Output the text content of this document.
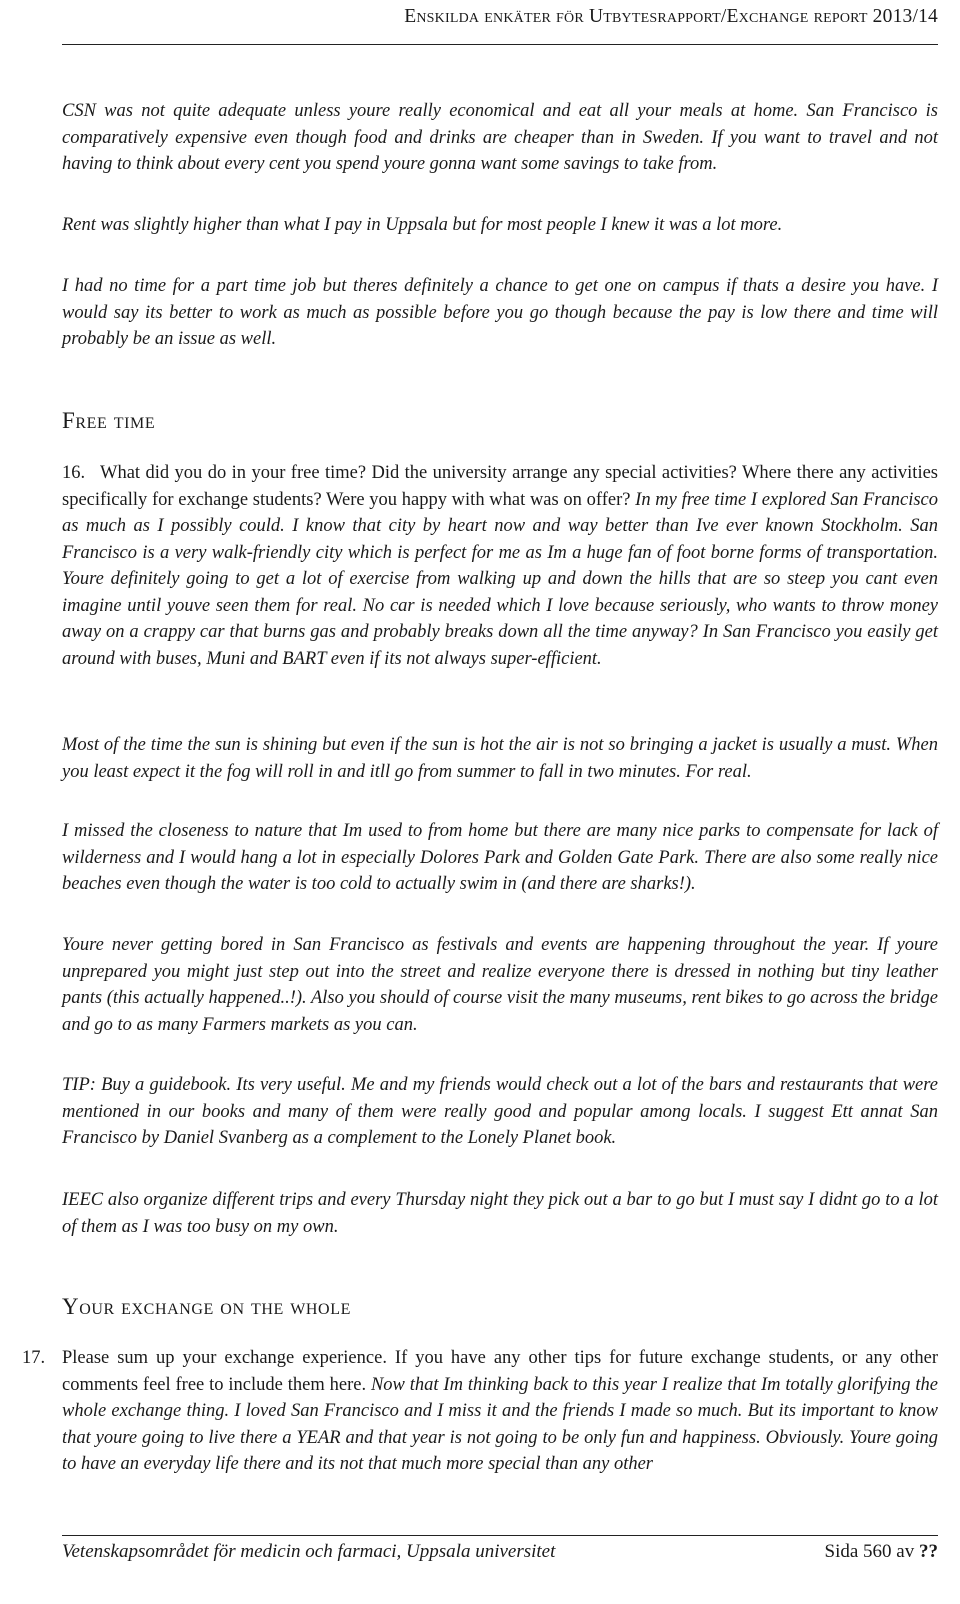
Enskilda enkäter för Utbytesrapport/Exchange report 2013/14

CSN was not quite adequate unless youre really economical and eat all your meals at home. San Francisco is comparatively expensive even though food and drinks are cheaper than in Sweden. If you want to travel and not having to think about every cent you spend youre gonna want some savings to take from.

Rent was slightly higher than what I pay in Uppsala but for most people I knew it was a lot more.

I had no time for a part time job but theres definitely a chance to get one on campus if thats a desire you have. I would say its better to work as much as possible before you go though because the pay is low there and time will probably be an issue as well.

Free time
16. What did you do in your free time? Did the university arrange any special activities? Where there any activities specifically for exchange students? Were you happy with what was on offer? In my free time I explored San Francisco as much as I possibly could. I know that city by heart now and way better than Ive ever known Stockholm. San Francisco is a very walk-friendly city which is perfect for me as Im a huge fan of foot borne forms of transportation. Youre definitely going to get a lot of exercise from walking up and down the hills that are so steep you cant even imagine until youve seen them for real. No car is needed which I love because seriously, who wants to throw money away on a crappy car that burns gas and probably breaks down all the time anyway? In San Francisco you easily get around with buses, Muni and BART even if its not always super-efficient.

Most of the time the sun is shining but even if the sun is hot the air is not so bringing a jacket is usually a must. When you least expect it the fog will roll in and itll go from summer to fall in two minutes. For real.

I missed the closeness to nature that Im used to from home but there are many nice parks to compensate for lack of wilderness and I would hang a lot in especially Dolores Park and Golden Gate Park. There are also some really nice beaches even though the water is too cold to actually swim in (and there are sharks!).

Youre never getting bored in San Francisco as festivals and events are happening throughout the year. If youre unprepared you might just step out into the street and realize everyone there is dressed in nothing but tiny leather pants (this actually happened..!). Also you should of course visit the many museums, rent bikes to go across the bridge and go to as many Farmers markets as you can.

TIP: Buy a guidebook. Its very useful. Me and my friends would check out a lot of the bars and restaurants that were mentioned in our books and many of them were really good and popular among locals. I suggest Ett annat San Francisco by Daniel Svanberg as a complement to the Lonely Planet book.

IEEC also organize different trips and every Thursday night they pick out a bar to go but I must say I didnt go to a lot of them as I was too busy on my own.

Your exchange on the whole
17. Please sum up your exchange experience. If you have any other tips for future exchange students, or any other comments feel free to include them here. Now that Im thinking back to this year I realize that Im totally glorifying the whole exchange thing. I loved San Francisco and I miss it and the friends I made so much. But its important to know that youre going to live there a YEAR and that year is not going to be only fun and happiness. Obviously. Youre going to have an everyday life there and its not that much more special than any other

Vetenskapsområdet för medicin och farmaci, Uppsala universitet	Sida 560 av ??
